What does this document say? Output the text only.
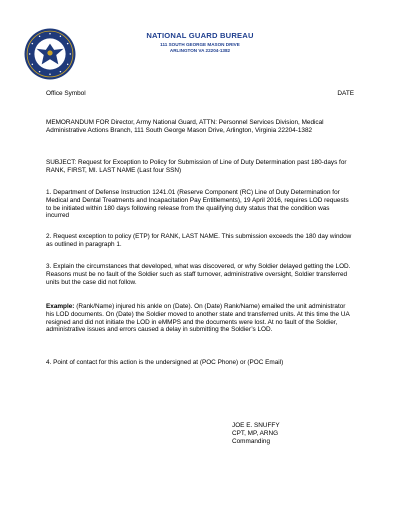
NATIONAL GUARD BUREAU
111 SOUTH GEORGE MASON DRIVE
ARLINGTON VA 22204-1382
Office Symbol	DATE
MEMORANDUM FOR Director, Army National Guard, ATTN: Personnel Services Division, Medical Administrative Actions Branch, 111 South George Mason Drive, Arlington, Virginia 22204-1382
SUBJECT: Request for Exception to Policy for Submission of Line of Duty Determination past 180-days for RANK, FIRST, MI. LAST NAME (Last four SSN)
1. Department of Defense Instruction 1241.01 (Reserve Component (RC) Line of Duty Determination for Medical and Dental Treatments and Incapacitation Pay Entitlements), 19 April 2016, requires LOD requests to be initiated within 180 days following release from the qualifying duty status that the condition was incurred
2. Request exception to policy (ETP) for RANK, LAST NAME. This submission exceeds the 180 day window as outlined in paragraph 1.
3. Explain the circumstances that developed, what was discovered, or why Soldier delayed getting the LOD. Reasons must be no fault of the Soldier such as staff turnover, administrative oversight, Soldier transferred units but the case did not follow.
Example: (Rank/Name) injured his ankle on (Date). On (Date) Rank/Name) emailed the unit administrator his LOD documents. On (Date) the Soldier moved to another state and transferred units. At this time the UA resigned and did not initiate the LOD in eMMPS and the documents were lost. At no fault of the Soldier, administrative issues and errors caused a delay in submitting the Soldier’s LOD.
4. Point of contact for this action is the undersigned at (POC Phone) or (POC Email)
JOE E. SNUFFY
CPT, MP, ARNG
Commanding
